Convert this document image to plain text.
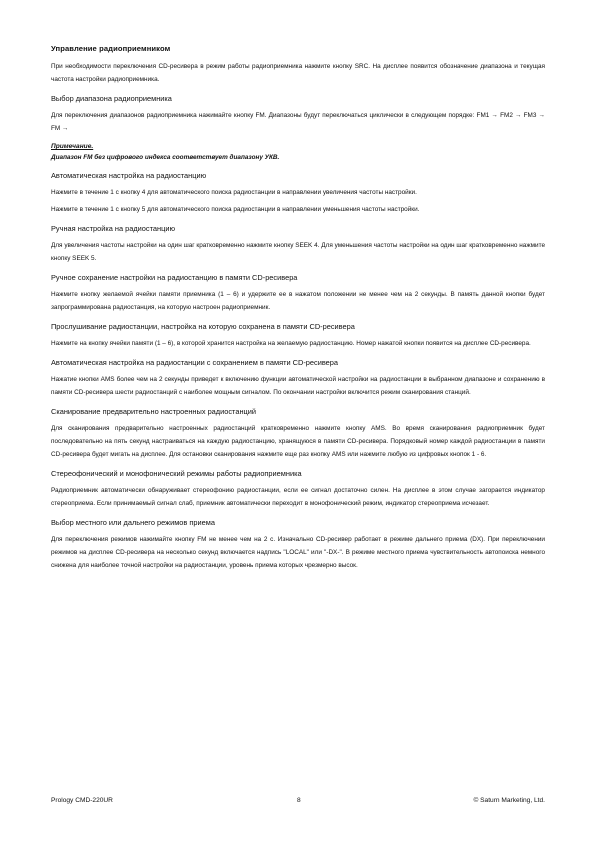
Управление радиоприемником
При необходимости переключения CD-ресивера в режим работы радиоприемника нажмите кнопку SRC. На дисплее появится обозначение диапазона и текущая частота настройки радиоприемника.
Выбор диапазона радиоприемника
Для переключения диапазонов радиоприемника нажимайте кнопку FM. Диапазоны будут переключаться циклически в следующем порядке: FM1 → FM2 → FM3 → FM →
Примечание.
Диапазон FM без цифрового индекса соответствует диапазону УКВ.
Автоматическая настройка на радиостанцию
Нажмите в течение 1 с кнопку 4 для автоматического поиска радиостанции в направлении увеличения частоты настройки.
Нажмите в течение 1 с кнопку 5 для автоматического поиска радиостанции в направлении уменьшения частоты настройки.
Ручная настройка на радиостанцию
Для увеличения частоты настройки на один шаг кратковременно нажмите кнопку SEEK 4. Для уменьшения частоты настройки на один шаг кратковременно нажмите кнопку SEEK 5.
Ручное сохранение настройки на радиостанцию в памяти CD-ресивера
Нажмите кнопку желаемой ячейки памяти приемника (1 – 6) и удержите ее в нажатом положении не менее чем на 2 секунды. В память данной кнопки будет запрограммирована радиостанция, на которую настроен радиоприемник.
Прослушивание радиостанции, настройка на которую сохранена в памяти CD-ресивера
Нажмите на кнопку ячейки памяти (1 – 6), в которой хранится настройка на желаемую радиостанцию. Номер нажатой кнопки появится на дисплее CD-ресивера.
Автоматическая настройка на радиостанции с сохранением в памяти CD-ресивера
Нажатие кнопки AMS более чем на 2 секунды приведет к включению функции автоматической настройки на радиостанции в выбранном диапазоне и сохранению в памяти CD-ресивера шести радиостанций с наиболее мощным сигналом. По окончании настройки включится режим сканирования станций.
Сканирование предварительно настроенных радиостанций
Для сканирования предварительно настроенных радиостанций кратковременно нажмите кнопку AMS. Во время сканирования радиоприемник будет последовательно на пять секунд настраиваться на каждую радиостанцию, хранящуюся в памяти CD-ресивера. Порядковый номер каждой радиостанции в памяти CD-ресивера будет мигать на дисплее. Для остановки сканирования нажмите еще раз кнопку AMS или нажмите любую из цифровых кнопок 1 - 6.
Стереофонический и монофонический режимы работы радиоприемника
Радиоприемник автоматически обнаруживает стереофонию радиостанции, если ее сигнал достаточно силен. На дисплее в этом случае загорается индикатор стереоприема. Если принимаемый сигнал слаб, приемник автоматически переходит в монофонический режим, индикатор стереоприема исчезает.
Выбор местного или дальнего режимов приема
Для переключения режимов нажимайте кнопку FM не менее чем на 2 с. Изначально CD-ресивер работает в режиме дальнего приема (DX). При переключении режимов на дисплее CD-ресивера на несколько секунд включается надпись "LOCAL" или "-DX-". В режиме местного приема чувствительность автопоиска немного снижена для наиболее точной настройки на радиостанции, уровень приема которых чрезмерно высок.
Prology CMD-220UR	8	© Saturn Marketing, Ltd.
